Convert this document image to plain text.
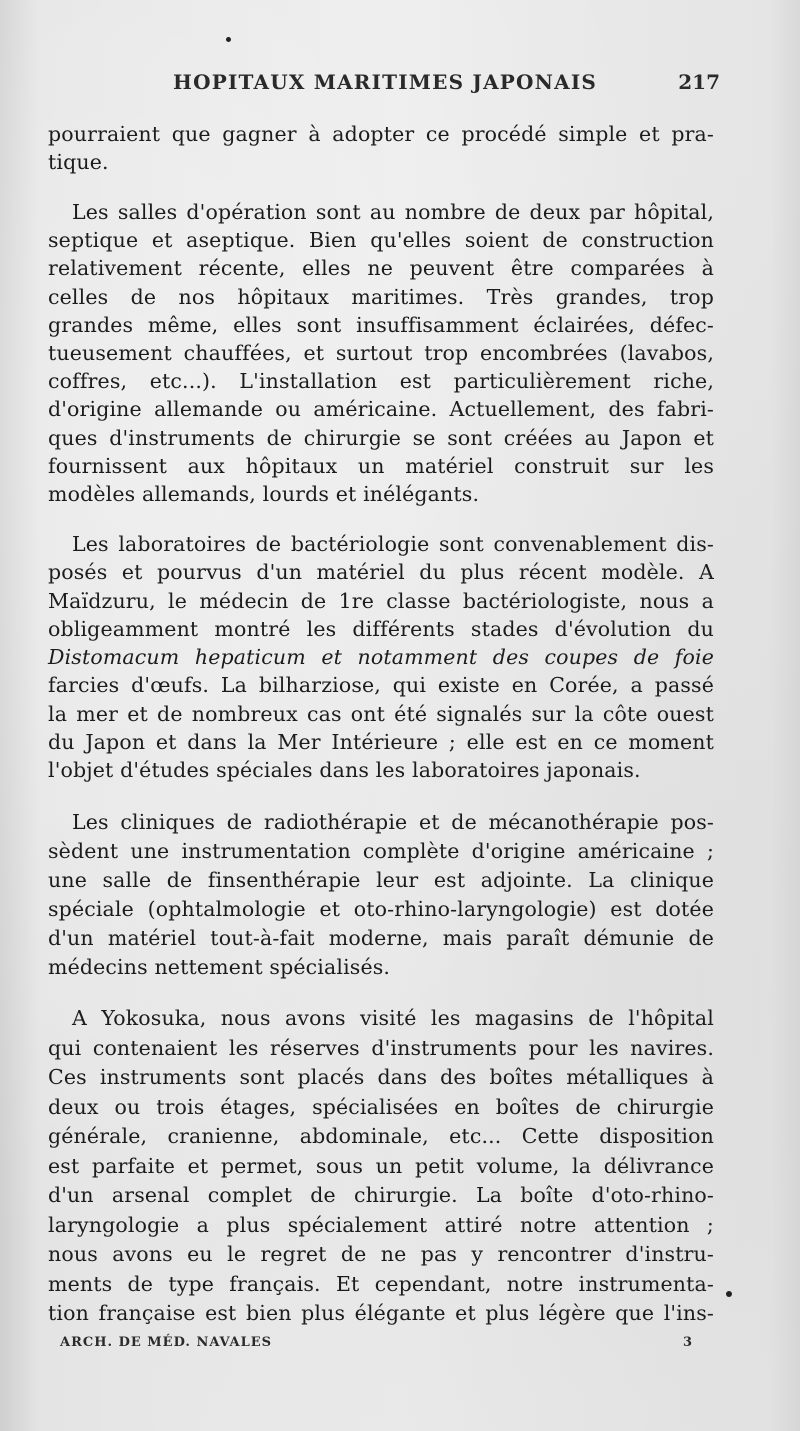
HOPITAUX MARITIMES JAPONAIS	217
pourraient que gagner à adopter ce procédé simple et pra-
tique.
Les salles d'opération sont au nombre de deux par hôpital,
septique et aseptique. Bien qu'elles soient de construction
relativement récente, elles ne peuvent être comparées à
celles de nos hôpitaux maritimes. Très grandes, trop
grandes même, elles sont insuffisamment éclairées, défec-
tueusement chauffées, et surtout trop encombrées (lavabos,
coffres, etc...). L'installation est particulièrement riche,
d'origine allemande ou américaine. Actuellement, des fabri-
ques d'instruments de chirurgie se sont créées au Japon et
fournissent aux hôpitaux un matériel construit sur les
modèles allemands, lourds et inélégants.
Les laboratoires de bactériologie sont convenablement dis-
posés et pourvus d'un matériel du plus récent modèle. A
Maïdzuru, le médecin de 1re classe bactériologiste, nous a
obligeamment montré les différents stades d'évolution du
Distomacum hepaticum et notamment des coupes de foie
farcies d'œufs. La bilharziose, qui existe en Corée, a passé
la mer et de nombreux cas ont été signalés sur la côte ouest
du Japon et dans la Mer Intérieure ; elle est en ce moment
l'objet d'études spéciales dans les laboratoires japonais.
Les cliniques de radiothérapie et de mécanothérapie pos-
sèdent une instrumentation complète d'origine américaine ;
une salle de finsenthérapie leur est adjointe. La clinique
spéciale (ophtalmologie et oto-rhino-laryngologie) est dotée
d'un matériel tout-à-fait moderne, mais paraît démunie de
médecins nettement spécialisés.
A Yokosuka, nous avons visité les magasins de l'hôpital
qui contenaient les réserves d'instruments pour les navires.
Ces instruments sont placés dans des boîtes métalliques à
deux ou trois étages, spécialisées en boîtes de chirurgie
générale, cranienne, abdominale, etc... Cette disposition
est parfaite et permet, sous un petit volume, la délivrance
d'un arsenal complet de chirurgie. La boîte d'oto-rhino-
laryngologie a plus spécialement attiré notre attention ;
nous avons eu le regret de ne pas y rencontrer d'instru-
ments de type français. Et cependant, notre instrumenta-
tion française est bien plus élégante et plus légère que l'ins-
ARCH. DE MÉD. NAVALES	3
